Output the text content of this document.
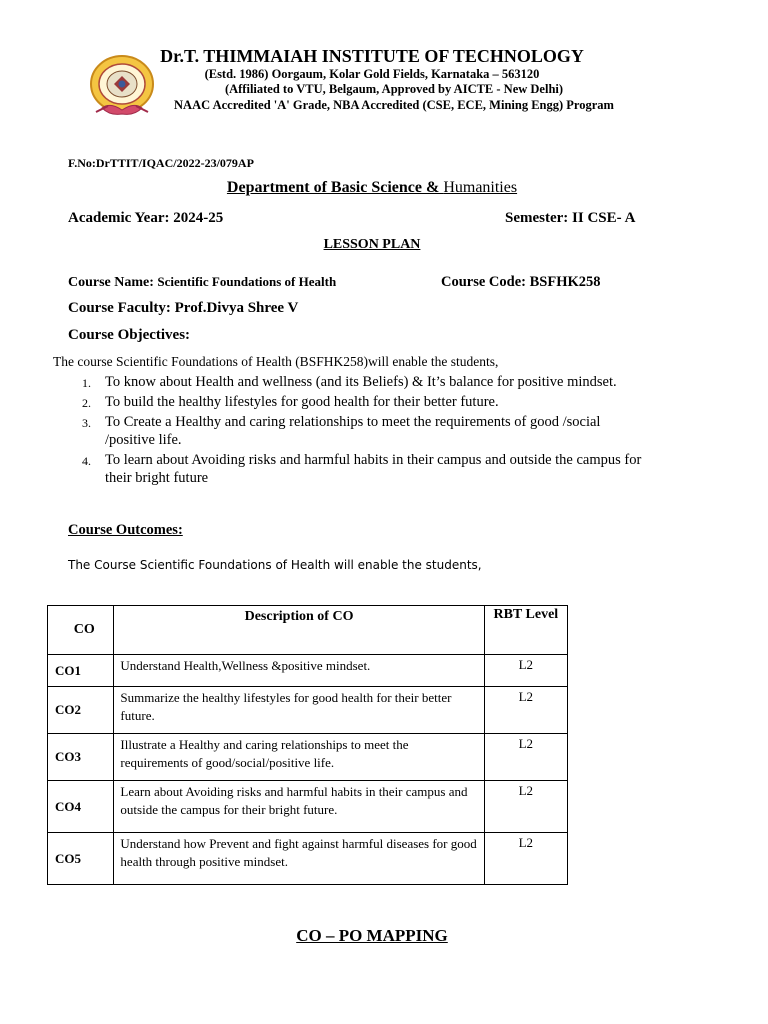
Dr.T. THIMMAIAH INSTITUTE OF TECHNOLOGY
(Estd. 1986) Oorgaum, Kolar Gold Fields, Karnataka – 563120
(Affiliated to VTU, Belgaum, Approved by AICTE - New Delhi)
NAAC Accredited 'A' Grade, NBA Accredited (CSE, ECE, Mining Engg) Program
F.No:DrTTIT/IQAC/2022-23/079AP
Department of Basic Science & Humanities
Academic Year: 2024-25	Semester: II CSE- A
LESSON PLAN
Course Name: Scientific Foundations of Health	Course Code: BSFHK258
Course Faculty: Prof.Divya Shree V
Course Objectives:
The course Scientific Foundations of Health (BSFHK258)will enable the students,
1. To know about Health and wellness (and its Beliefs) & It’s balance for positive mindset.
2. To build the healthy lifestyles for good health for their better future.
3. To Create a Healthy and caring relationships to meet the requirements of good /social /positive life.
4. To learn about Avoiding risks and harmful habits in their campus and outside the campus for their bright future
Course Outcomes:
The Course Scientific Foundations of Health will enable the students,
CO	Description of CO	RBT Level
CO1	Understand Health,Wellness &positive mindset.	L2
CO2	Summarize the healthy lifestyles for good health for their better future.	L2
CO3	Illustrate a Healthy and caring relationships to meet the requirements of good/social/positive life.	L2
CO4	Learn about Avoiding risks and harmful habits in their campus and outside the campus for their bright future.	L2
CO5	Understand how Prevent and fight against harmful diseases for good health through positive mindset.	L2
CO – PO MAPPING
